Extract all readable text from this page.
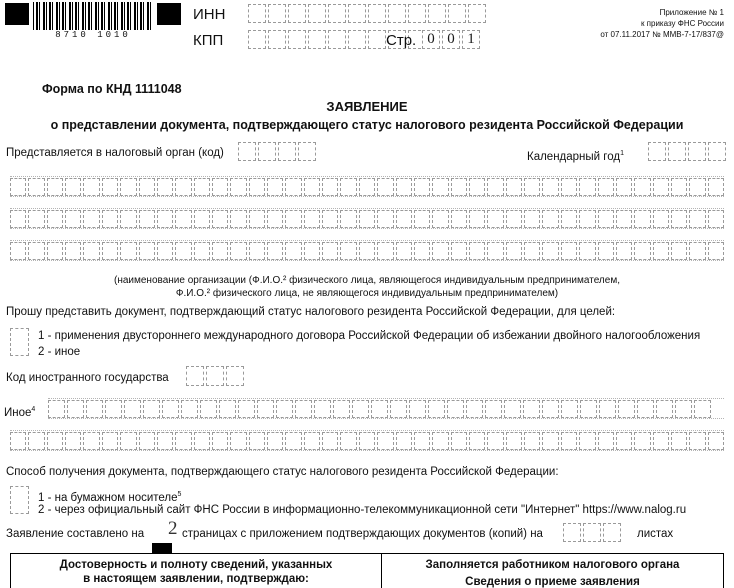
8710 1010
ИНН
КПП	Стр. 0 0 1
Приложение № 1
к приказу ФНС России
от 07.11.2017 № ММВ-7-17/837@
Форма по КНД 1111048
ЗАЯВЛЕНИЕ
о представлении документа, подтверждающего статус налогового резидента Российской Федерации
Представляется в налоговый орган (код)	Календарный год$^1$
(наименование организации (Ф.И.О.² физического лица, являющегося индивидуальным предпринимателем,
Ф.И.О.² физического лица, не являющегося индивидуальным предпринимателем)
Прошу представить документ, подтверждающий статус налогового резидента Российской Федерации, для целей:
1 - применения двустороннего международного договора Российской Федерации об избежании двойного налогообложения
2 - иное
Код иностранного государства
Иное$^4$
Способ получения документа, подтверждающего статус налогового резидента Российской Федерации:
1 - на бумажном носителе$^5$
2 - через официальный сайт ФНС России в информационно-телекоммуникационной сети "Интернет" https://www.nalog.ru
Заявление составлено на 2 страницах с приложением подтверждающих документов (копий) на	листах
Достоверность и полноту сведений, указанных
в настоящем заявлении, подтверждаю:
Заполняется работником налогового органа
Сведения о приеме заявления
